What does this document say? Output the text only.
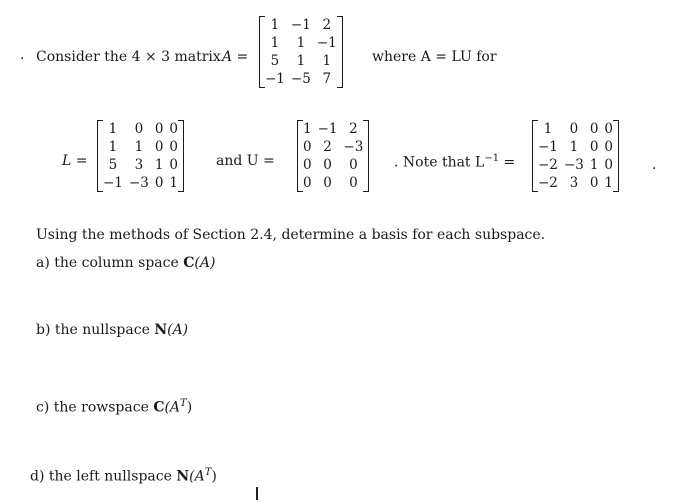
. Consider the 4 × 3 matrix A =
1	−1	2
1	1	−1
5	1	1
−1	−5	7
where A = LU for
L =
1	0	0	0
1	1	0	0
5	3	1	0
−1	−3	0	1
and U =
1	−1	2
0	2	−3
0	0	0
0	0	0
. Note that $L^{-1}$ =
1	0	0	0
−1	1	0	0
−2	−3	1	0
−2	3	0	1
.
Using the methods of Section 2.4, determine a basis for each subspace.
a) the column space C(A)
b) the nullspace N(A)
c) the rowspace $C(A^T)$
d) the left nullspace $N(A^T)$
